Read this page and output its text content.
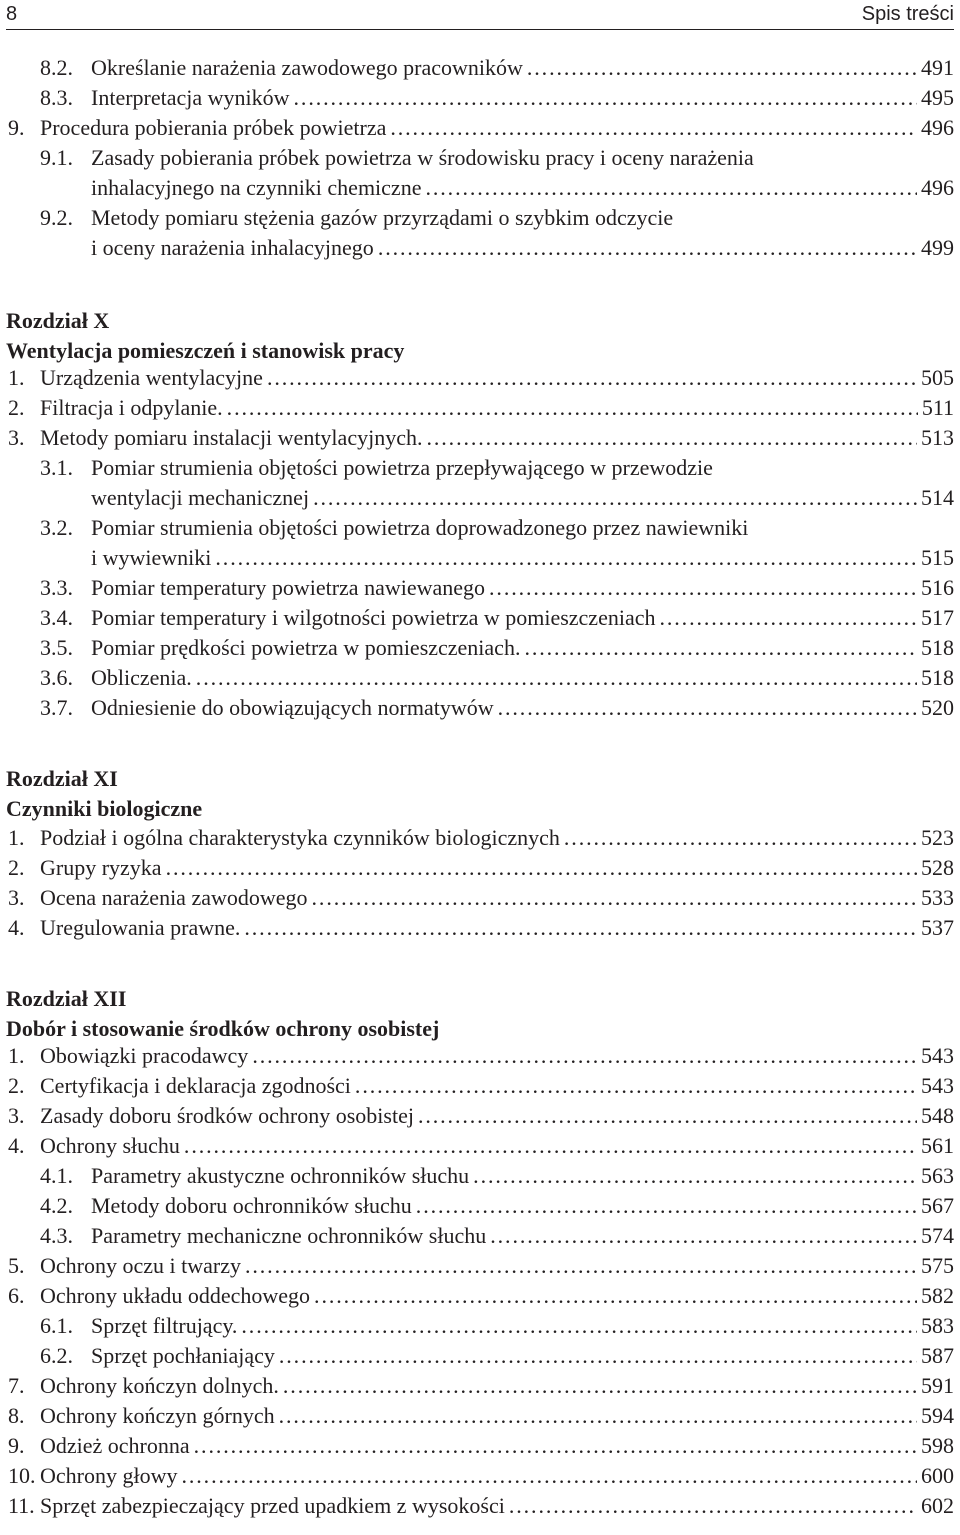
8	Spis treści
Rozdział X
Wentylacja pomieszczeń i stanowisk pracy
Rozdział XI
Czynniki biologiczne
Rozdział XII
Dobór i stosowanie środków ochrony osobistej
8.2. Określanie narażenia zawodowego pracowników . . .	491
8.3. Interpretacja wyników . . .	495
9. Procedura pobierania próbek powietrza . . .	496
9.1. Zasady pobierania próbek powietrza w środowisku pracy i oceny narażenia
inhalacyjnego na czynniki chemiczne . . .	496
9.2. Metody pomiaru stężenia gazów przyrządami o szybkim odczycie
i oceny narażenia inhalacyjnego . . .	499
1. Urządzenia wentylacyjne . . .	505
2. Filtracja i odpylanie. . . .	511
3. Metody pomiaru instalacji wentylacyjnych. . . .	513
3.1. Pomiar strumienia objętości powietrza przepływającego w przewodzie
wentylacji mechanicznej . . .	514
3.2. Pomiar strumienia objętości powietrza doprowadzonego przez nawiewniki
i wywiewniki . . .	515
3.3. Pomiar temperatury powietrza nawiewanego . . .	516
3.4. Pomiar temperatury i wilgotności powietrza w pomieszczeniach . . .	517
3.5. Pomiar prędkości powietrza w pomieszczeniach. . . .	518
3.6. Obliczenia. . . .	518
3.7. Odniesienie do obowiązujących normatywów . . .	520
1. Podział i ogólna charakterystyka czynników biologicznych . . .	523
2. Grupy ryzyka . . .	528
3. Ocena narażenia zawodowego . . .	533
4. Uregulowania prawne. . . .	537
1. Obowiązki pracodawcy . . .	543
2. Certyfikacja i deklaracja zgodności . . .	543
3. Zasady doboru środków ochrony osobistej . . .	548
4. Ochrony słuchu . . .	561
4.1. Parametry akustyczne ochronników słuchu . . .	563
4.2. Metody doboru ochronników słuchu . . .	567
4.3. Parametry mechaniczne ochronników słuchu . . .	574
5. Ochrony oczu i twarzy . . .	575
6. Ochrony układu oddechowego . . .	582
6.1. Sprzęt filtrujący. . . .	583
6.2. Sprzęt pochłaniający . . .	587
7. Ochrony kończyn dolnych. . . .	591
8. Ochrony kończyn górnych . . .	594
9. Odzież ochronna . . .	598
10. Ochrony głowy . . .	600
11. Sprzęt zabezpieczający przed upadkiem z wysokości . . .	602
